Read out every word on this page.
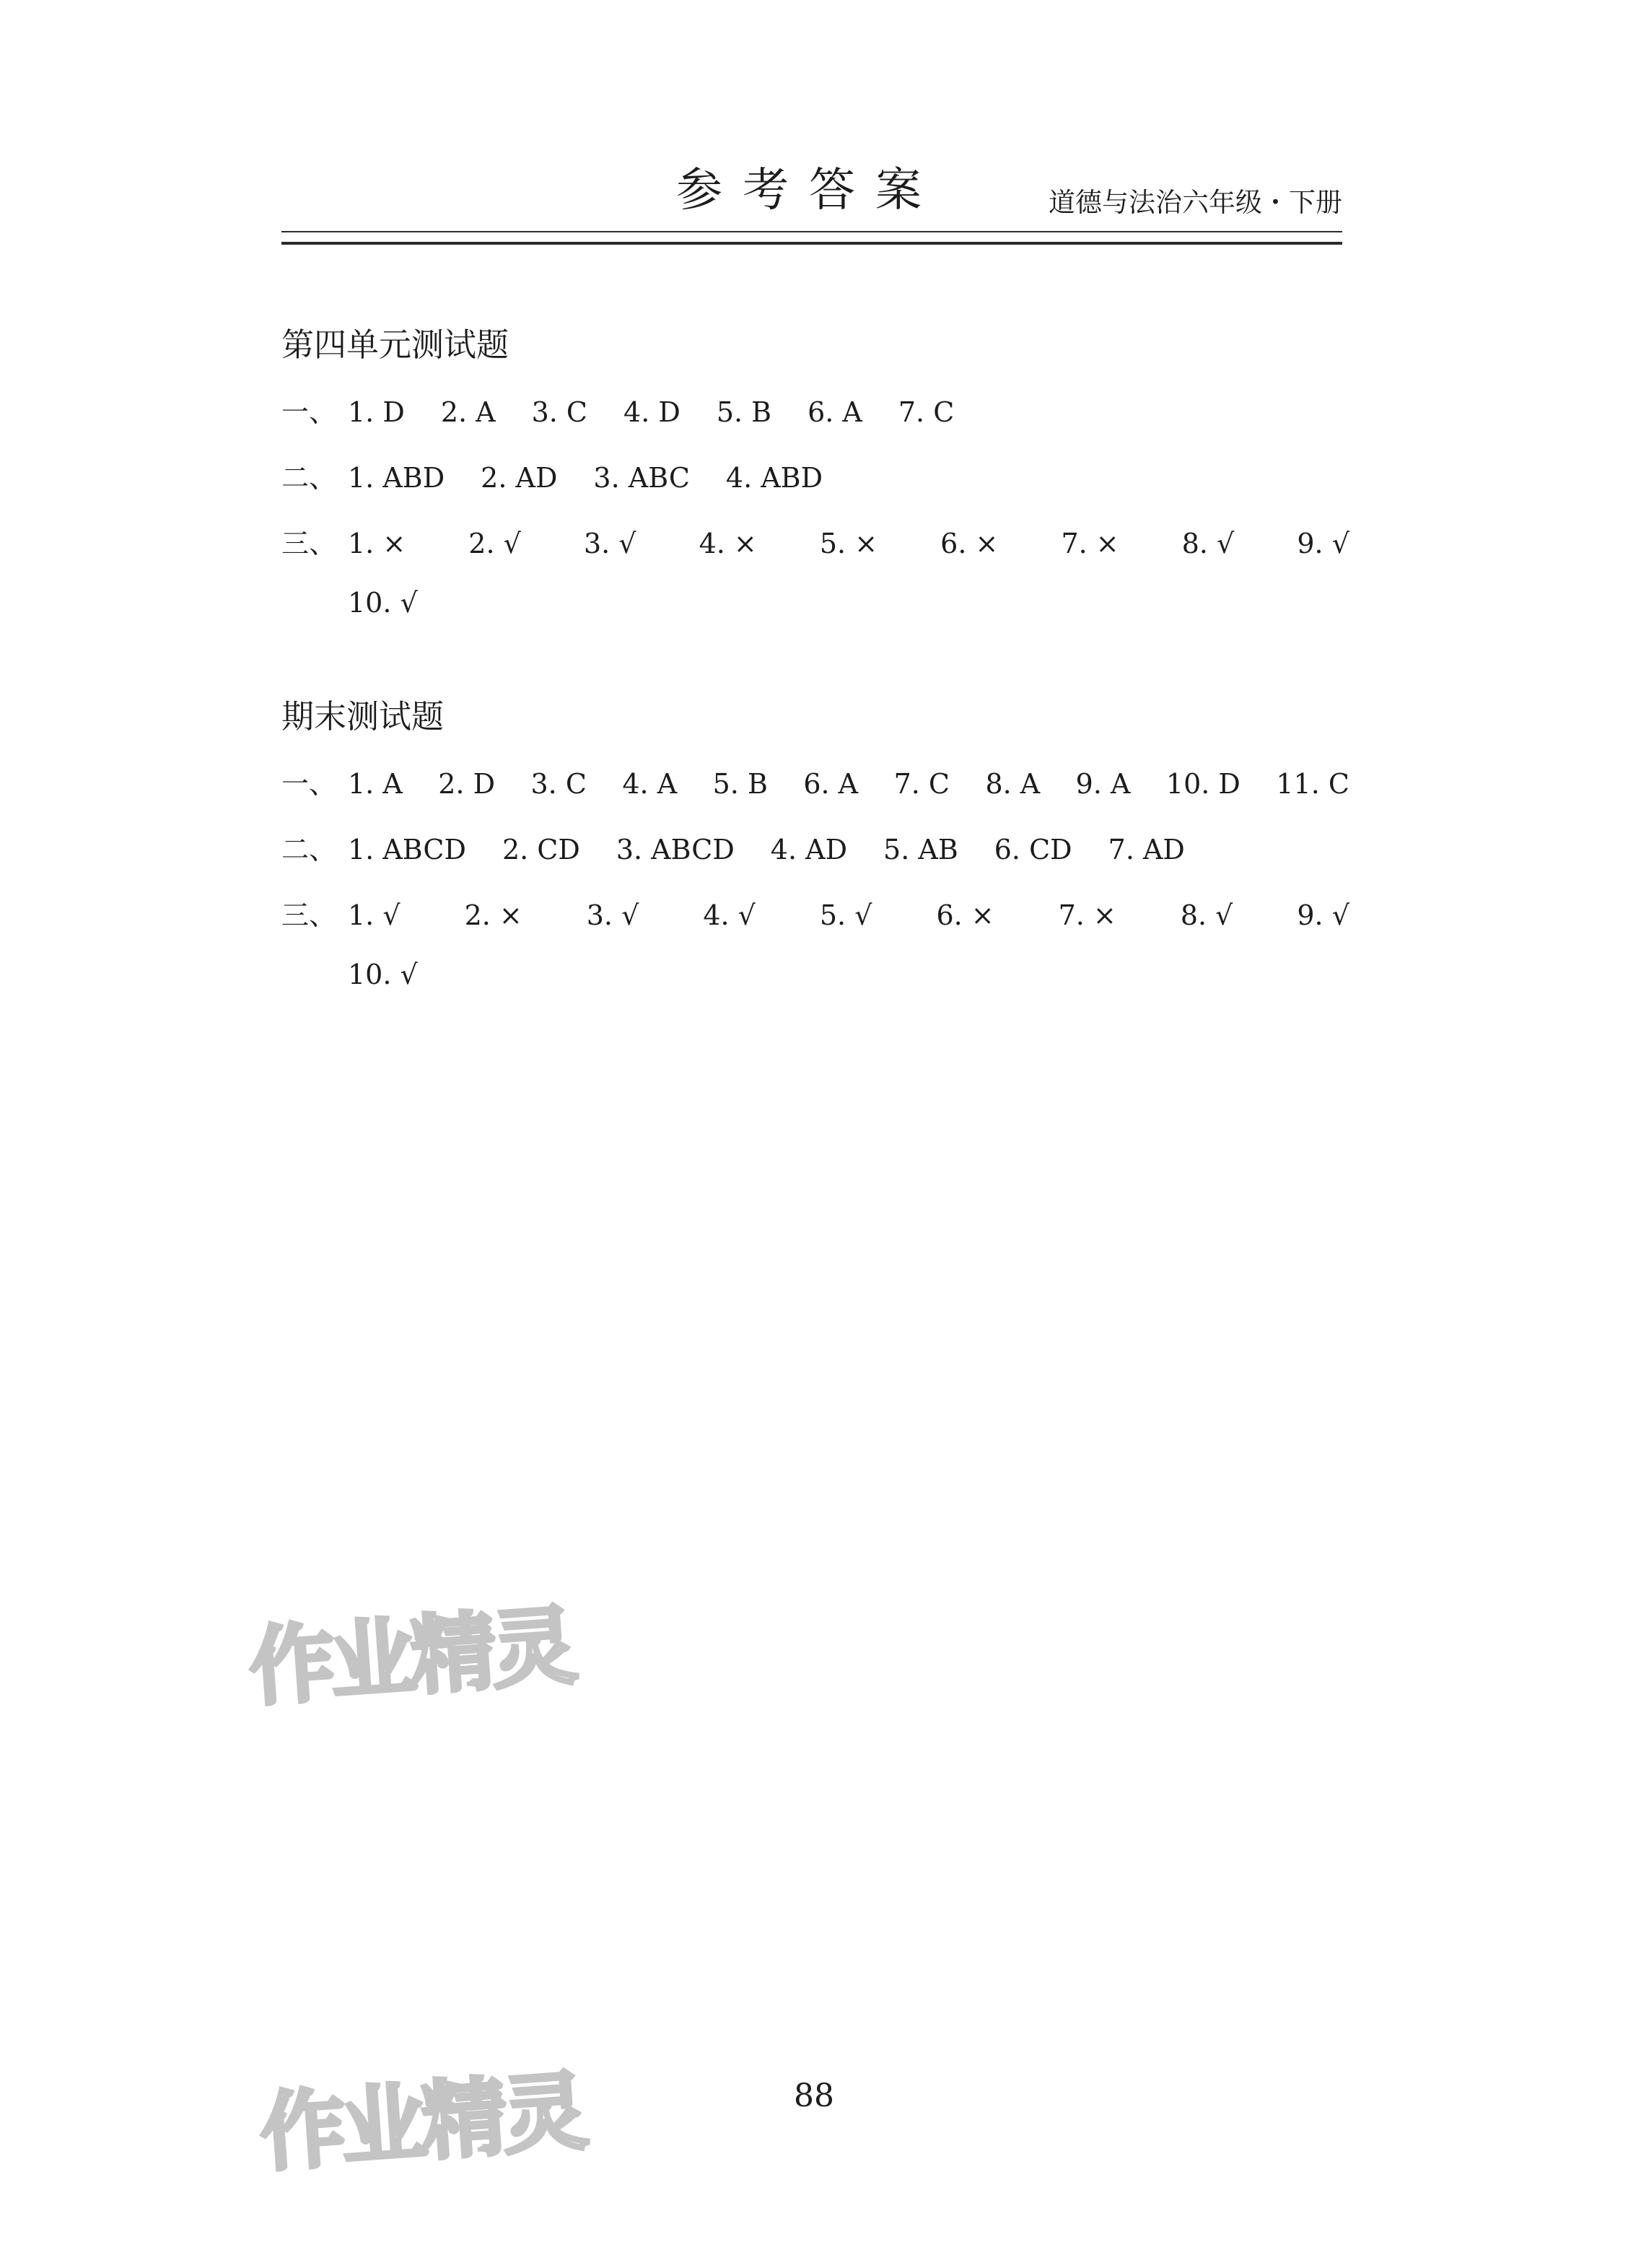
参考答案	道德与法治六年级・下册
第四单元测试题
一、 1. D 2. A 3. C 4. D 5. B 6. A 7. C
二、 1. ABD 2. AD 3. ABC 4. ABD
三、 1. × 2. √ 3. √ 4. × 5. × 6. × 7. × 8. √ 9. √
10. √
期末测试题
一、 1. A 2. D 3. C 4. A 5. B 6. A 7. C 8. A 9. A 10. D 11. C
二、 1. ABCD 2. CD 3. ABCD 4. AD 5. AB 6. CD 7. AD
三、 1. √ 2. × 3. √ 4. √ 5. √ 6. × 7. × 8. √ 9. √
10. √
作业精灵
作业精灵	88
